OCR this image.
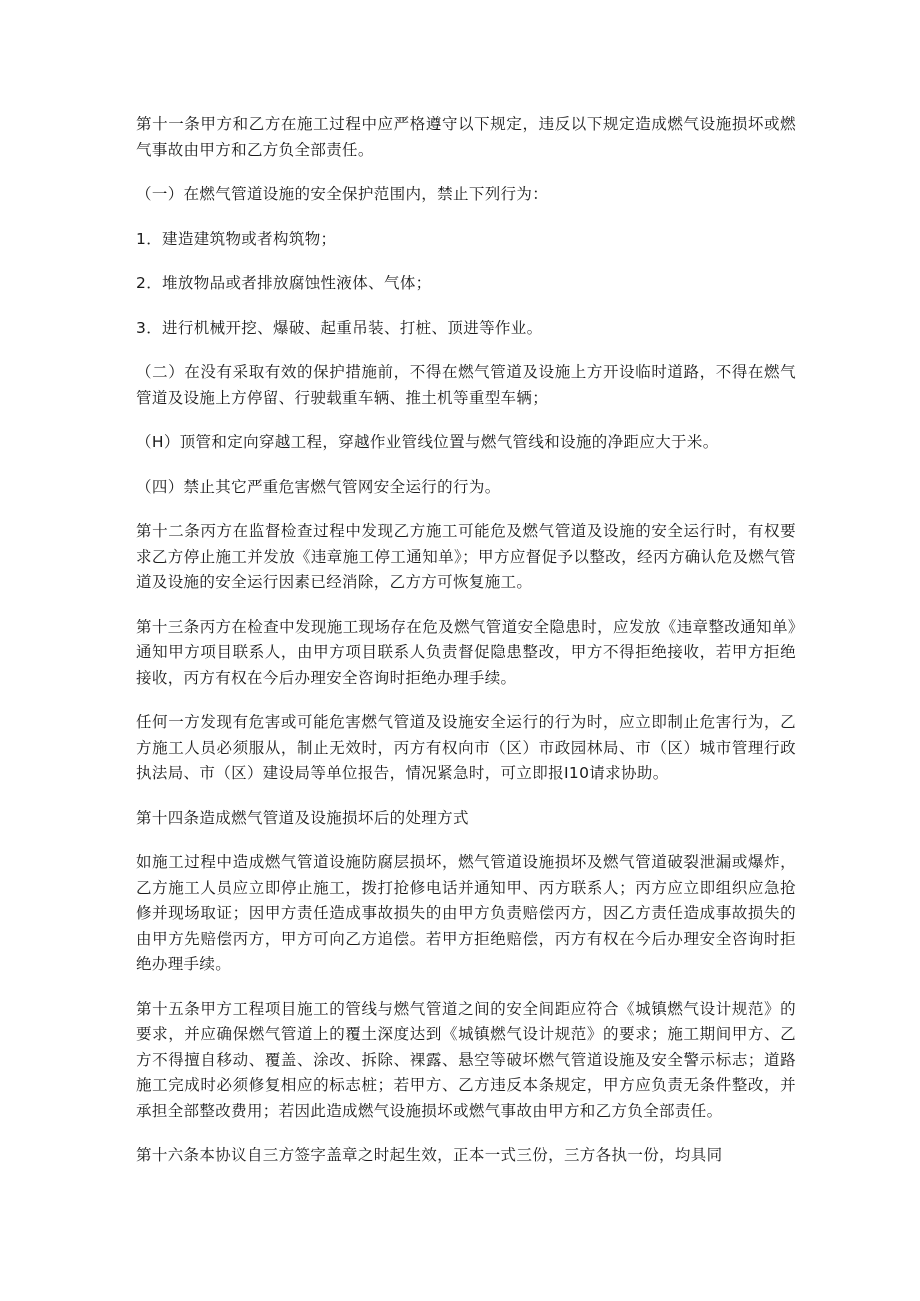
第十一条甲方和乙方在施工过程中应严格遵守以下规定，违反以下规定造成燃气设施损坏或燃气事故由甲方和乙方负全部责任。

（一）在燃气管道设施的安全保护范围内，禁止下列行为：

1．建造建筑物或者构筑物；

2．堆放物品或者排放腐蚀性液体、气体；

3．进行机械开挖、爆破、起重吊装、打桩、顶进等作业。

（二）在没有采取有效的保护措施前，不得在燃气管道及设施上方开设临时道路，不得在燃气管道及设施上方停留、行驶载重车辆、推土机等重型车辆；

（H）顶管和定向穿越工程，穿越作业管线位置与燃气管线和设施的净距应大于米。

（四）禁止其它严重危害燃气管网安全运行的行为。

第十二条丙方在监督检查过程中发现乙方施工可能危及燃气管道及设施的安全运行时，有权要求乙方停止施工并发放《违章施工停工通知单》；甲方应督促予以整改，经丙方确认危及燃气管道及设施的安全运行因素已经消除，乙方方可恢复施工。

第十三条丙方在检查中发现施工现场存在危及燃气管道安全隐患时，应发放《违章整改通知单》通知甲方项目联系人，由甲方项目联系人负责督促隐患整改，甲方不得拒绝接收，若甲方拒绝接收，丙方有权在今后办理安全咨询时拒绝办理手续。

任何一方发现有危害或可能危害燃气管道及设施安全运行的行为时，应立即制止危害行为，乙方施工人员必须服从，制止无效时，丙方有权向市（区）市政园林局、市（区）城市管理行政执法局、市（区）建设局等单位报告，情况紧急时，可立即报I10请求协助。

第十四条造成燃气管道及设施损坏后的处理方式

如施工过程中造成燃气管道设施防腐层损坏，燃气管道设施损坏及燃气管道破裂泄漏或爆炸，乙方施工人员应立即停止施工，拨打抢修电话并通知甲、丙方联系人；丙方应立即组织应急抢修并现场取证；因甲方责任造成事故损失的由甲方负责赔偿丙方，因乙方责任造成事故损失的由甲方先赔偿丙方，甲方可向乙方追偿。若甲方拒绝赔偿，丙方有权在今后办理安全咨询时拒绝办理手续。

第十五条甲方工程项目施工的管线与燃气管道之间的安全间距应符合《城镇燃气设计规范》的要求，并应确保燃气管道上的覆土深度达到《城镇燃气设计规范》的要求；施工期间甲方、乙方不得擅自移动、覆盖、涂改、拆除、裸露、悬空等破坏燃气管道设施及安全警示标志；道路施工完成时必须修复相应的标志桩；若甲方、乙方违反本条规定，甲方应负责无条件整改，并承担全部整改费用；若因此造成燃气设施损坏或燃气事故由甲方和乙方负全部责任。

第十六条本协议自三方签字盖章之时起生效，正本一式三份，三方各执一份，均具同
